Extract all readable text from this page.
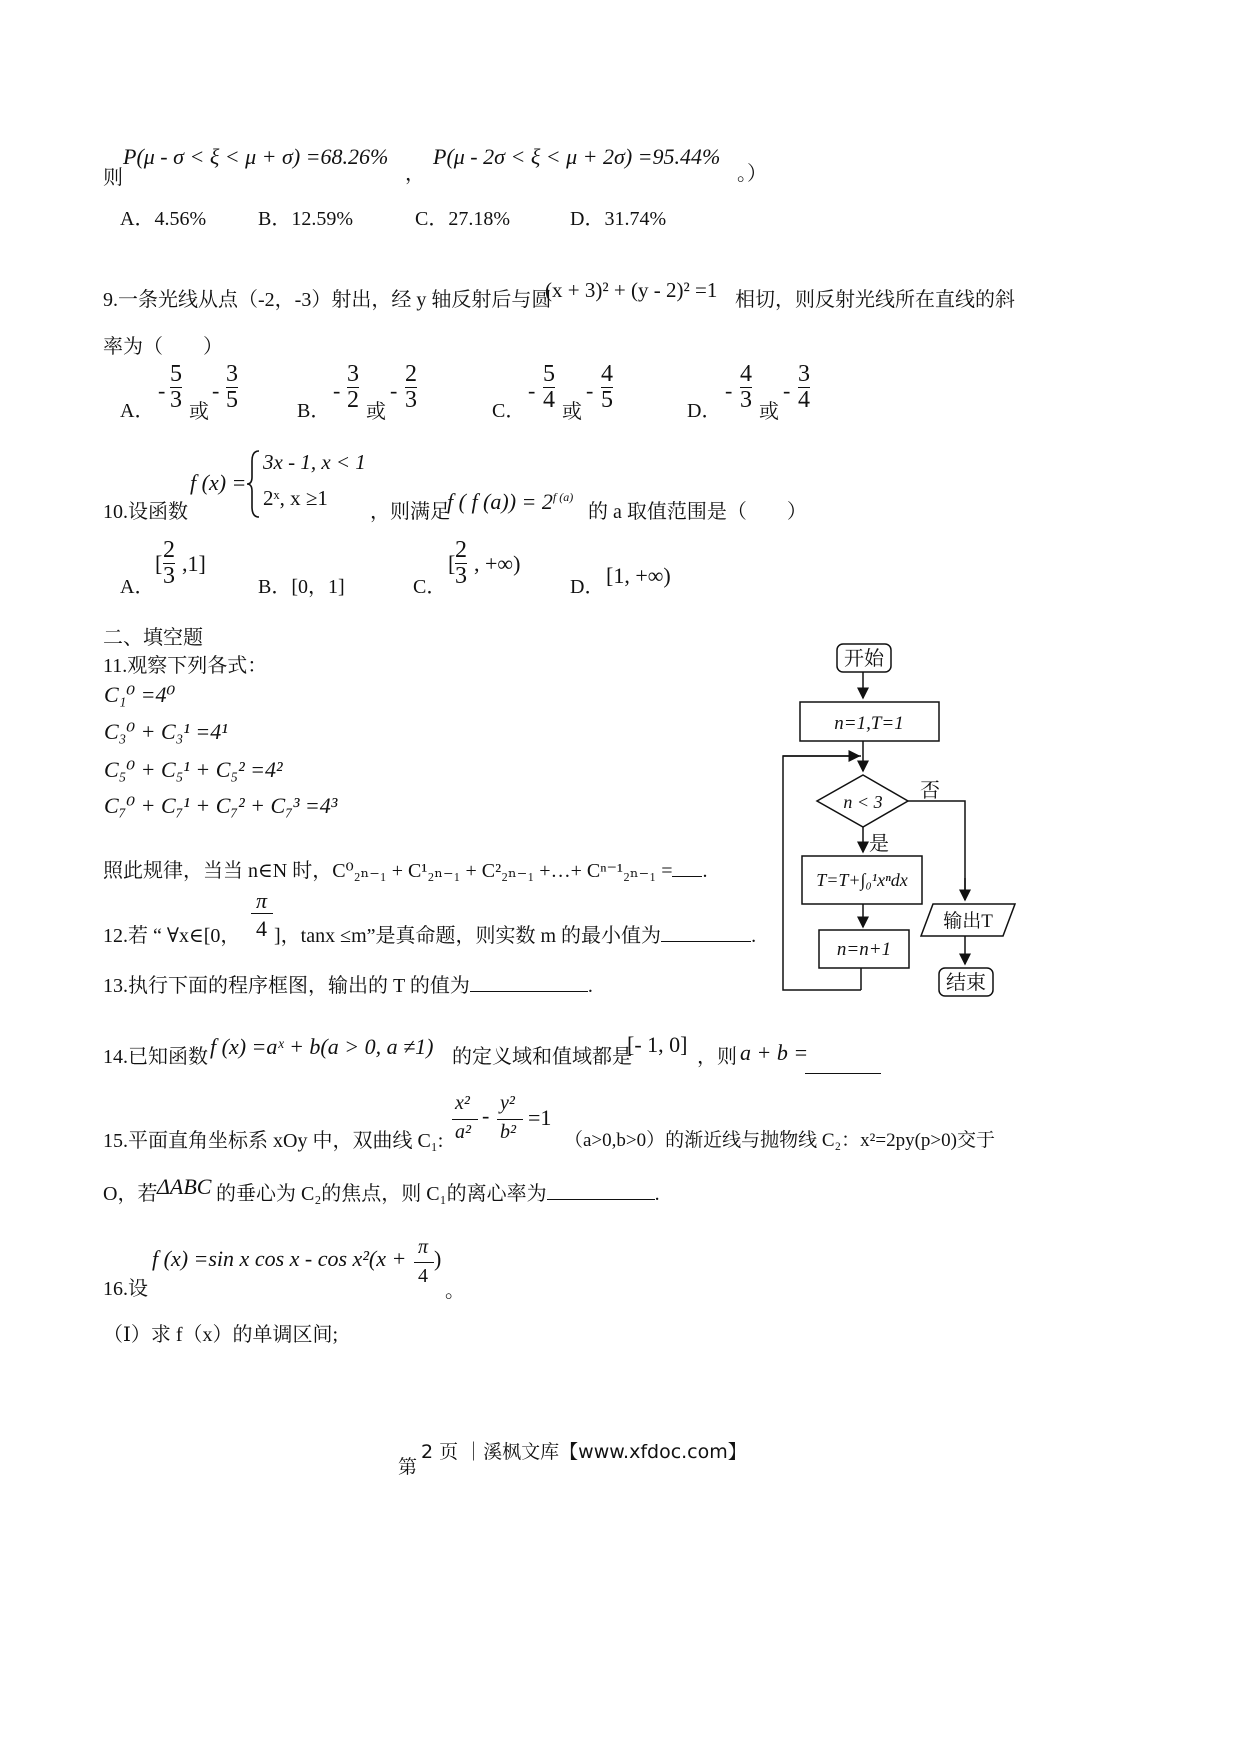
则
P(μ - σ < ξ < μ + σ) =68.26%
，
P(μ - 2σ < ξ < μ + 2σ) =95.44%
。）
A．4.56%	B．12.59%	C．27.18%	D．31.74%
9.一条光线从点（-2，-3）射出，经 y 轴反射后与圆
(x + 3)² + (y - 2)² =1 相切，则反射光线所在直线的斜
率为（　　）
A．
-
5
3 或
-
3
5	B．
-
3
2 或
-
2
3	C．
-
5
4 或
-
4
5	D．
-
4
3 或
-
3
4
10.设函数
f (x) =
3x - 1, x < 1
2ˣ, x ≥1
，则满足
f ( f $(a)) = 2^{f (a)}$
的 a 取值范围是（　　）
A．
[
2
3 ,1]
B．[0，1]	C．
[
2
3 , +∞)
D． [1, +∞)
二、填空题
11.观察下列各式：
C₁⁰ =4⁰
C₃⁰ + C₃¹ =4¹
C₅⁰ + C₅¹ + C₅² =4²
C₇⁰ + C₇¹ + C₇² + C₇³ =4³
照此规律，当当 n∈N 时，C⁰₂ₙ₋₁ + C¹₂ₙ₋₁ + C²₂ₙ₋₁ +…+ Cⁿ⁻¹₂ₙ₋₁ = .
12.若 “ ∀x∈[0，
π
4 ]，tanx ≤m”是真命题，则实数 m 的最小值为	.
13.执行下面的程序框图，输出的 T 的值为	.
14.已知函数 f (x) =aˣ + b(a > 0, a ≠1) 的定义域和值域都是
[- 1, 0] ，则 a + b =
15.平面直角坐标系 xOy 中，双曲线 C₁:
x²
a²
- y²
b²
=1
（a>0,b>0）的渐近线与抛物线 C₂：x²=2py(p>0)交于
O，若 ΔABC 的垂心为 C₂的焦点，则 C₁的离心率为	.
16.设
f (x) =sin x cos x - cos x²(x + π
4
)
。
（Ⅰ）求 f（x）的单调区间;
开始
n=1,T=1
n < 3 否
是
T=T+∫₀¹xⁿdx
n=n+1
输出T
结束
第
2 页 ｜溪枫文库【www.xfdoc.com】
